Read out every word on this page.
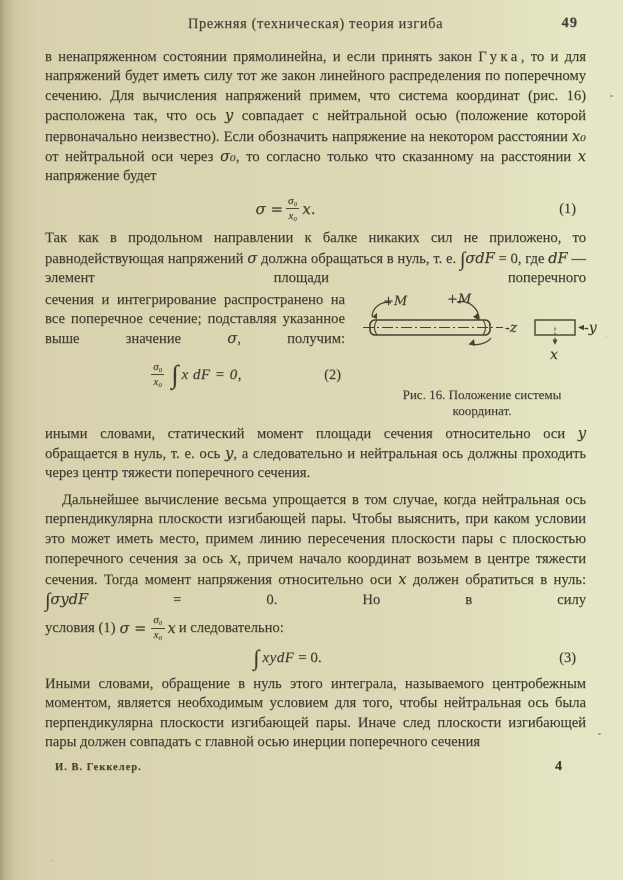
Прежняя (техническая) теория изгиба	49

в ненапряженном состоянии прямолинейна, и если принять закон Гука, то и для напряжений будет иметь силу тот же закон линейного распределения по поперечному сечению. Для вычисления напряжений примем, что система координат (рис. 16) расположена так, что ось y совпадает с нейтральной осью (положение которой первоначально неизвестно). Если обозначить напряжение на некотором расстоянии x₀ от нейтральной оси через σ₀, то согласно только что сказанному на расстоянии x напряжение будет

$\sigma = \frac{\text{σ₀}}{\text{x₀}} x$.	(1)

Так как в продольном направлении к балке никаких сил не приложено, то равнодействующая напряжений σ должна обращаться в нуль, т. е. ∫σdF = 0, где dF — элемент площади поперечного

сечения и интегрирование распространено на все поперечное сечение; подставляя указанное выше значение σ, получим:

$\frac{\text{σ₀}}{\text{x₀}}$ ∫ x dF = 0,	(2)
+M	+M
-z	-y
x
Рис. 16. Положение системы
координат.

иными словами, статический момент площади сечения относительно оси y обращается в нуль, т. е. ось y, а следовательно и нейтральная ось должны проходить через центр тяжести поперечного сечения.

Дальнейшее вычисление весьма упрощается в том случае, когда нейтральная ось перпендикулярна плоскости изгибающей пары. Чтобы выяснить, при каком условии это может иметь место, примем линию пересечения плоскости пары с плоскостью поперечного сечения за ось x, причем начало координат возьмем в центре тяжести сечения. Тогда момент напряжения относительно оси x должен обратиться в нуль: ∫σydF = 0. Но в силу

условия (1) $\sigma = \frac{\text{σ₀}}{\text{x₀}}$ x и следовательно:
∫ xydF = 0.	(3)

Иными словами, обращение в нуль этого интеграла, называемого центробежным моментом, является необходимым условием для того, чтобы нейтральная ось была перпендикулярна плоскости изгибающей пары. Иначе след плоскости изгибающей пары должен совпадать с главной осью инерции поперечного сечения

И. В. Геккелер.	4
